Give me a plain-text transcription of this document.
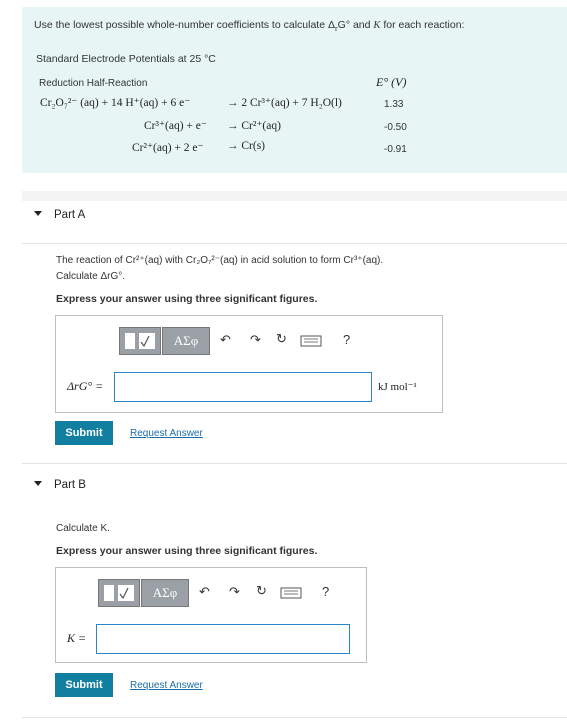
Use the lowest possible whole-number coefficients to calculate $\Delta_rG^\circ$ and K for each reaction:
Standard Electrode Potentials at 25 °C
Reduction Half-Reaction	E° (V)
Cr₂O₇²⁻ (aq) + 14 H⁺(aq) + 6 e⁻	→ 2 Cr³⁺(aq) + 7 H₂O(l)	1.33
Cr³⁺(aq) + e⁻ → Cr²⁺(aq)	-0.50
Cr²⁺(aq) + 2 e⁻ → Cr(s)	-0.91
Part A
The reaction of Cr²⁺(aq) with Cr₂O₇²⁻(aq) in acid solution to form Cr³⁺(aq).
Calculate ΔrG°.
Express your answer using three significant figures.
ΑΣφ	↶ ↷ ↻	?
ΔrG° =	kJ mol⁻¹
Submit	Request Answer
Part B
Calculate K.
Express your answer using three significant figures.
ΑΣφ	↶ ↷ ↻	?
K =
Submit	Request Answer
